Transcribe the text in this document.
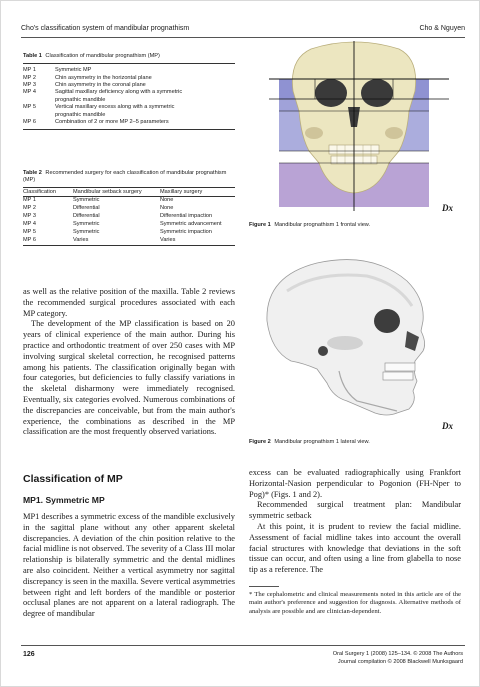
Cho's classification system of mandibular prognathism	Cho & Nguyen
Table 1 Classification of mandibular prognathism (MP)
MP 1	Symmetric MP
MP 2	Chin asymmetry in the horizontal plane
MP 3	Chin asymmetry in the coronal plane
MP 4	Sagittal maxillary deficiency along with a symmetric prognathic mandible
MP 5	Vertical maxillary excess along with a symmetric prognathic mandible
MP 6	Combination of 2 or more MP 2–5 parameters
Table 2 Recommended surgery for each classification of mandibular prognathism (MP)
Classification	Mandibular setback surgery	Maxillary surgery
MP 1	Symmetric	None
MP 2	Differential	None
MP 3	Differential	Differential impaction
MP 4	Symmetric	Symmetric advancement
MP 5	Symmetric	Symmetric impaction
MP 6	Varies	Varies

as well as the relative position of the maxilla. Table 2 reviews the recommended surgical procedures associated with each MP category.

The development of the MP classification is based on 20 years of clinical experience of the main author. During his practice and orthodontic treatment of over 250 cases with MP involving surgical skeletal correction, he recognised patterns among his patients. The classification originally began with four categories, but deficiencies to fully classify variations in the skeletal disharmony were immediately recognised. Eventually, six categories evolved. Numerous combinations of the discrepancies are conceivable, but from the main author's experience, the combinations as described in the MP classification are the most frequently observed variations.

Classification of MP
MP1. Symmetric MP

MP1 describes a symmetric excess of the mandible exclusively in the sagittal plane without any other apparent skeletal discrepancies. A deviation of the chin position relative to the facial midline is not observed. The severity of a Class III molar relationship is bilaterally symmetric and the dental midlines are also coincident. Neither a vertical asymmetry nor sagittal discrepancy is seen in the maxilla. Severe vertical asymmetries between right and left borders of the mandible or posterior occlusal planes are not apparent on a lateral radiograph. The degree of mandibular

Dx
Figure 1 Mandibular prognathism 1 frontal view.
Dx
Figure 2 Mandibular prognathism 1 lateral view.

excess can be evaluated radiographically using Frankfort Horizontal-Nasion perpendicular to Pogonion (FH-Nper to Pog)* (Figs. 1 and 2).

Recommended surgical treatment plan: Mandibular symmetric setback

At this point, it is prudent to review the facial midline. Assessment of facial midline takes into account the overall facial structures with knowledge that deviations in the soft tissue can occur, and often using a line from glabella to nose tip as a reference. The

* The cephalometric and clinical measurements noted in this article are of the main author's preference and suggestion for diagnosis. Alternative methods of analysis are possible and are clinician-dependent.
126	Oral Surgery 1 (2008) 125–134. © 2008 The Authors
Journal compilation © 2008 Blackwell Munksgaard
